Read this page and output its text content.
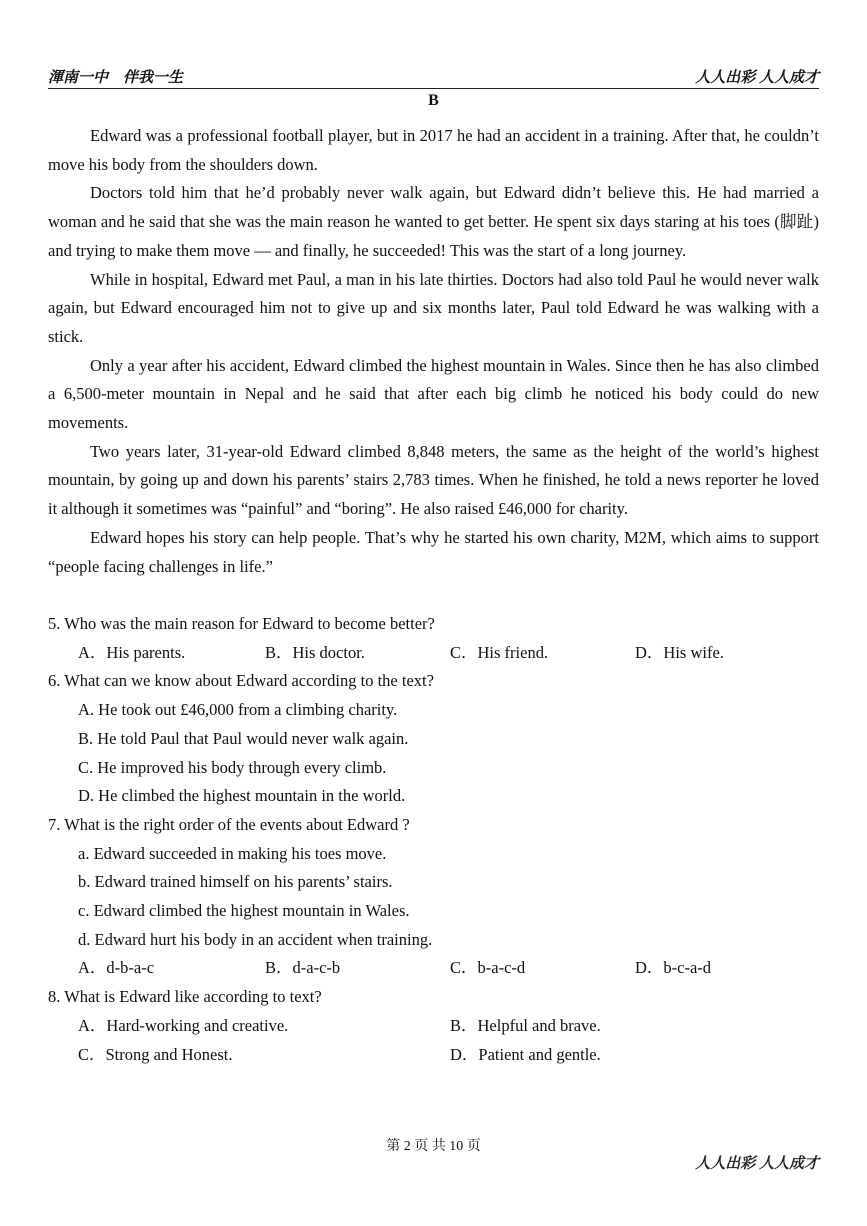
渾南一中　伴我一生	人人出彩 人人成才
B

Edward was a professional football player, but in 2017 he had an accident in a training. After that, he couldn’t move his body from the shoulders down.

Doctors told him that he’d probably never walk again, but Edward didn’t believe this. He had married a woman and he said that she was the main reason he wanted to get better. He spent six days staring at his toes (脚趾) and trying to make them move — and finally, he succeeded! This was the start of a long journey.

While in hospital, Edward met Paul, a man in his late thirties. Doctors had also told Paul he would never walk again, but Edward encouraged him not to give up and six months later, Paul told Edward he was walking with a stick.

Only a year after his accident, Edward climbed the highest mountain in Wales. Since then he has also climbed a 6,500-meter mountain in Nepal and he said that after each big climb he noticed his body could do new movements.

Two years later, 31-year-old Edward climbed 8,848 meters, the same as the height of the world’s highest mountain, by going up and down his parents’ stairs 2,783 times. When he finished, he told a news reporter he loved it although it sometimes was “painful” and “boring”. He also raised £46,000 for charity.

Edward hopes his story can help people. That’s why he started his own charity, M2M, which aims to support “people facing challenges in life.”

5. Who was the main reason for Edward to become better?

A．His parents.	B．His doctor.	C．His friend.	D．His wife.

6. What can we know about Edward according to the text?

A. He took out £46,000 from a climbing charity.

B. He told Paul that Paul would never walk again.

C. He improved his body through every climb.

D. He climbed the highest mountain in the world.

7. What is the right order of the events about Edward ?

a. Edward succeeded in making his toes move.

b. Edward trained himself on his parents’ stairs.

c. Edward climbed the highest mountain in Wales.

d. Edward hurt his body in an accident when training.

A．d-b-a-c	B．d-a-c-b	C．b-a-c-d	D．b-c-a-d

8. What is Edward like according to text?

A．Hard-working and creative.	B．Helpful and brave.
C．Strong and Honest.	D．Patient and gentle.
第 2 页 共 10 页
人人出彩 人人成才
